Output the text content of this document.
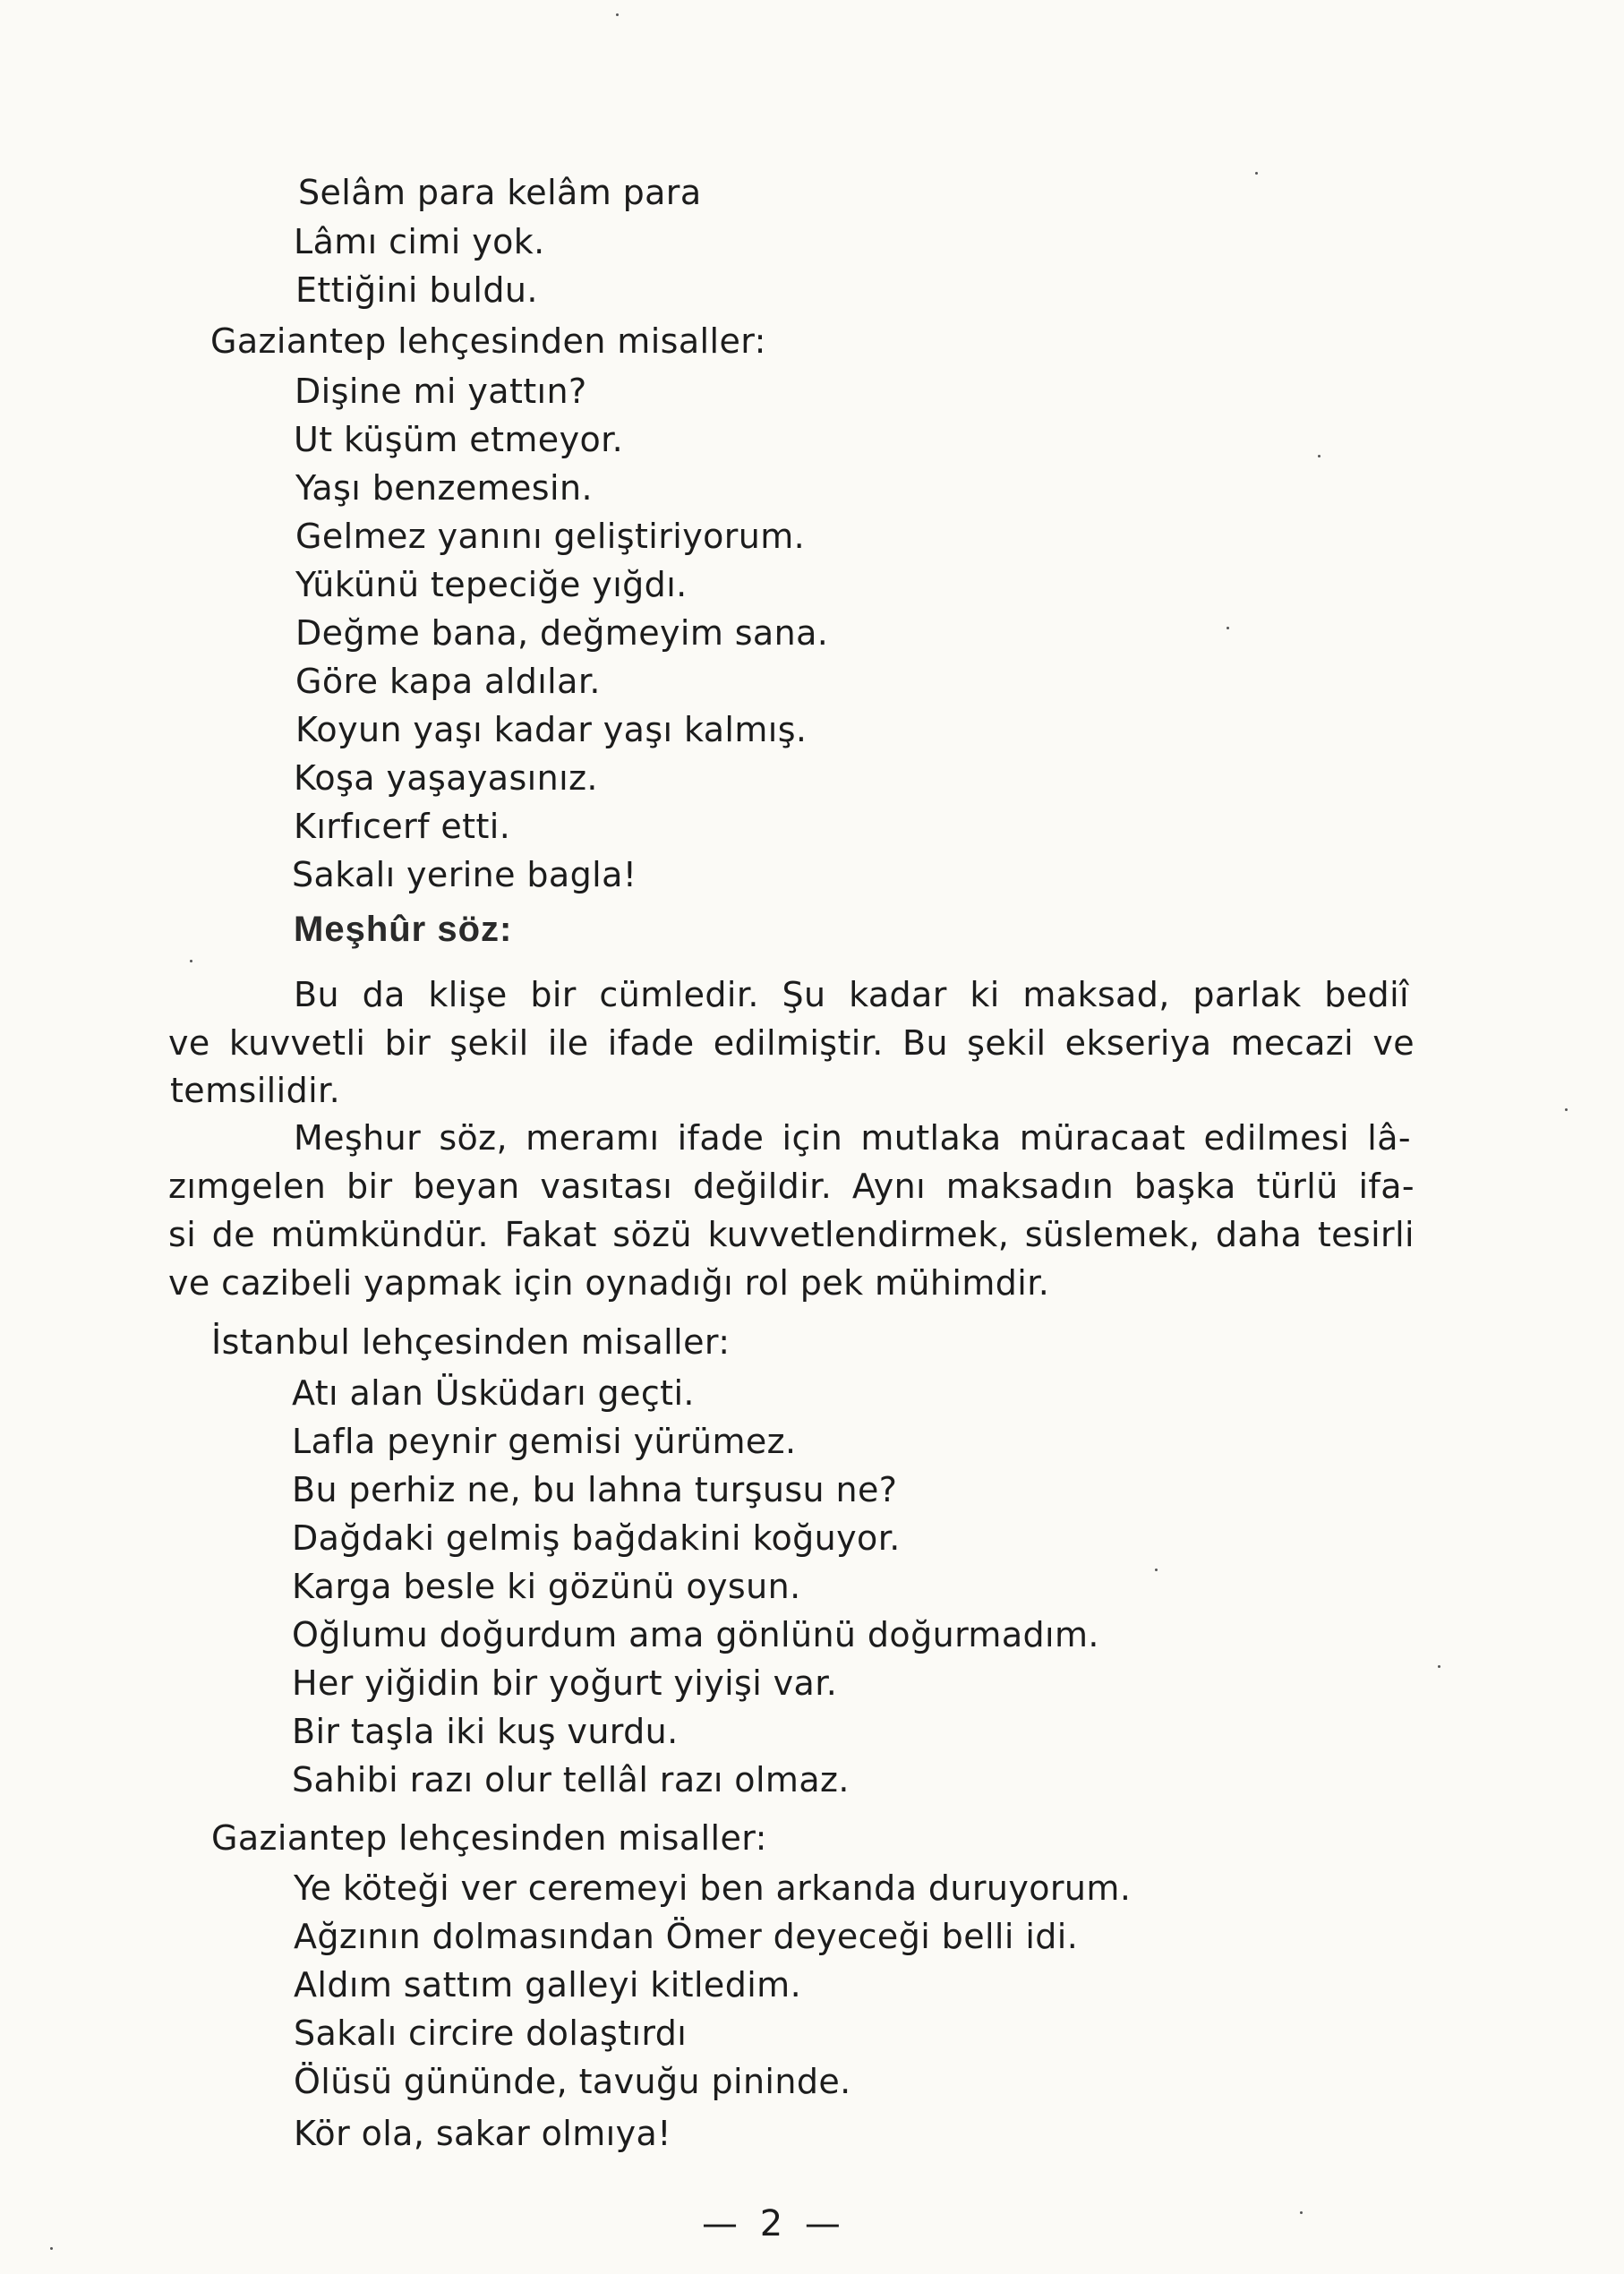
Selâm para kelâm para
Lâmı cimi yok.
Ettiğini buldu.
Gaziantep lehçesinden misaller:
Dişine mi yattın?
Ut küşüm etmeyor.
Yaşı benzemesin.
Gelmez yanını geliştiriyorum.
Yükünü tepeciğe yığdı.
Değme bana, değmeyim sana.
Göre kapa aldılar.
Koyun yaşı kadar yaşı kalmış.
Koşa yaşayasınız.
Kırfıcerf etti.
Sakalı yerine bagla!
Meşhûr söz:
Bu da klişe bir cümledir. Şu kadar ki maksad, parlak bediî
ve kuvvetli bir şekil ile ifade edilmiştir. Bu şekil ekseriya mecazi ve
temsilidir.
Meşhur söz, meramı ifade için mutlaka müracaat edilmesi lâ-
zımgelen bir beyan vasıtası değildir. Aynı maksadın başka türlü ifa-
si de mümkündür. Fakat sözü kuvvetlendirmek, süslemek, daha tesirli
ve cazibeli yapmak için oynadığı rol pek mühimdir.
İstanbul lehçesinden misaller:
Atı alan Üsküdarı geçti.
Lafla peynir gemisi yürümez.
Bu perhiz ne, bu lahna turşusu ne?
Dağdaki gelmiş bağdakini koğuyor.
Karga besle ki gözünü oysun.
Oğlumu doğurdum ama gönlünü doğurmadım.
Her yiğidin bir yoğurt yiyişi var.
Bir taşla iki kuş vurdu.
Sahibi razı olur tellâl razı olmaz.
Gaziantep lehçesinden misaller:
Ye köteği ver ceremeyi ben arkanda duruyorum.
Ağzının dolmasından Ömer deyeceği belli idi.
Aldım sattım galleyi kitledim.
Sakalı circire dolaştırdı
Ölüsü gününde, tavuğu pininde.
Kör ola, sakar olmıya!
— 2 —
